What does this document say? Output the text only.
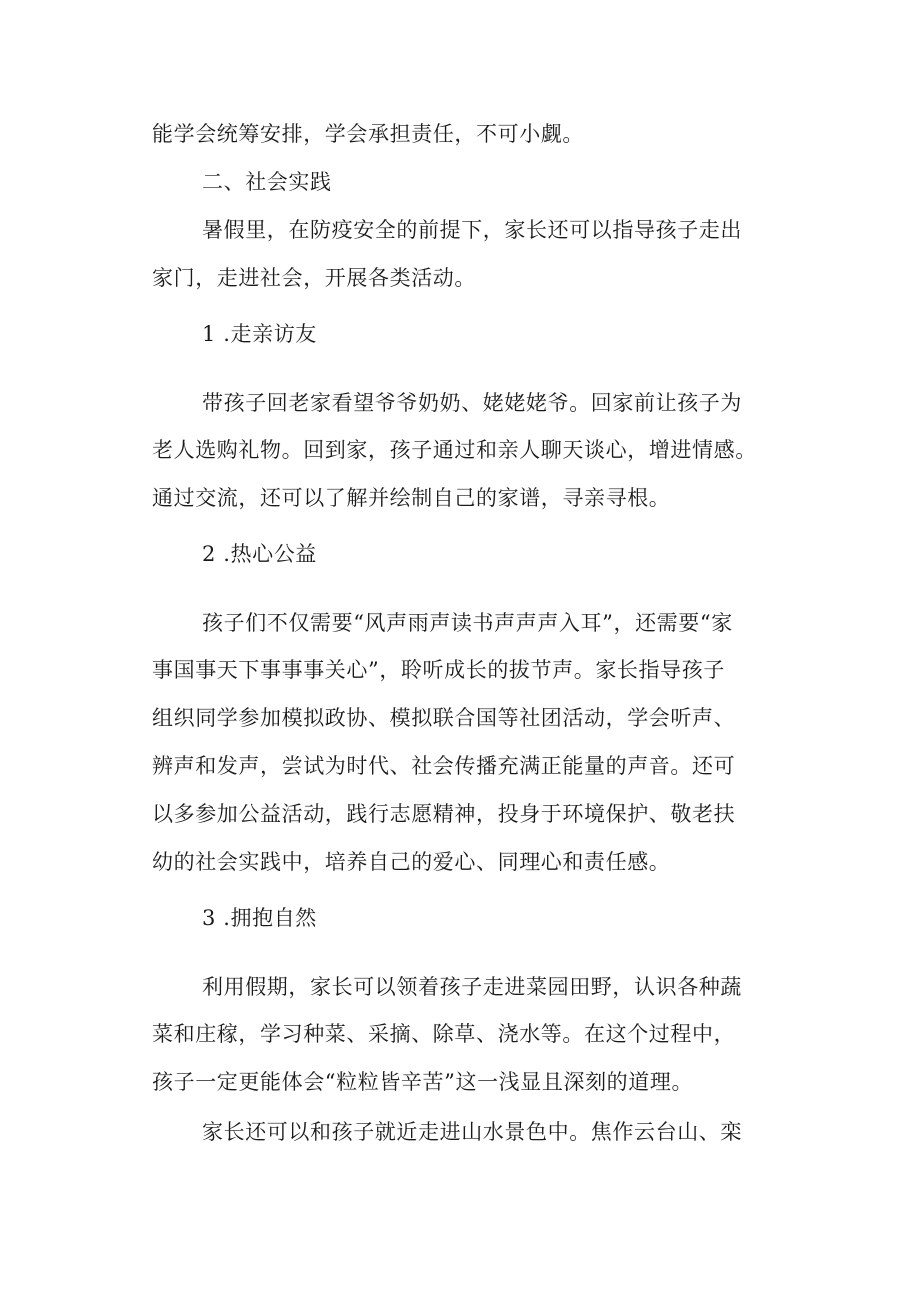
能学会统筹安排，学会承担责任，不可小觑。
二、社会实践
暑假里，在防疫安全的前提下，家长还可以指导孩子走出
家门，走进社会，开展各类活动。
1 .走亲访友
带孩子回老家看望爷爷奶奶、姥姥姥爷。回家前让孩子为
老人选购礼物。回到家，孩子通过和亲人聊天谈心，增进情感。
通过交流，还可以了解并绘制自己的家谱，寻亲寻根。
2 .热心公益
孩子们不仅需要“风声雨声读书声声声入耳”，还需要“家
事国事天下事事事关心”，聆听成长的拔节声。家长指导孩子
组织同学参加模拟政协、模拟联合国等社团活动，学会听声、
辨声和发声，尝试为时代、社会传播充满正能量的声音。还可
以多参加公益活动，践行志愿精神，投身于环境保护、敬老扶
幼的社会实践中，培养自己的爱心、同理心和责任感。
3 .拥抱自然
利用假期，家长可以领着孩子走进菜园田野，认识各种蔬
菜和庄稼，学习种菜、采摘、除草、浇水等。在这个过程中，
孩子一定更能体会“粒粒皆辛苦”这一浅显且深刻的道理。
家长还可以和孩子就近走进山水景色中。焦作云台山、栾
